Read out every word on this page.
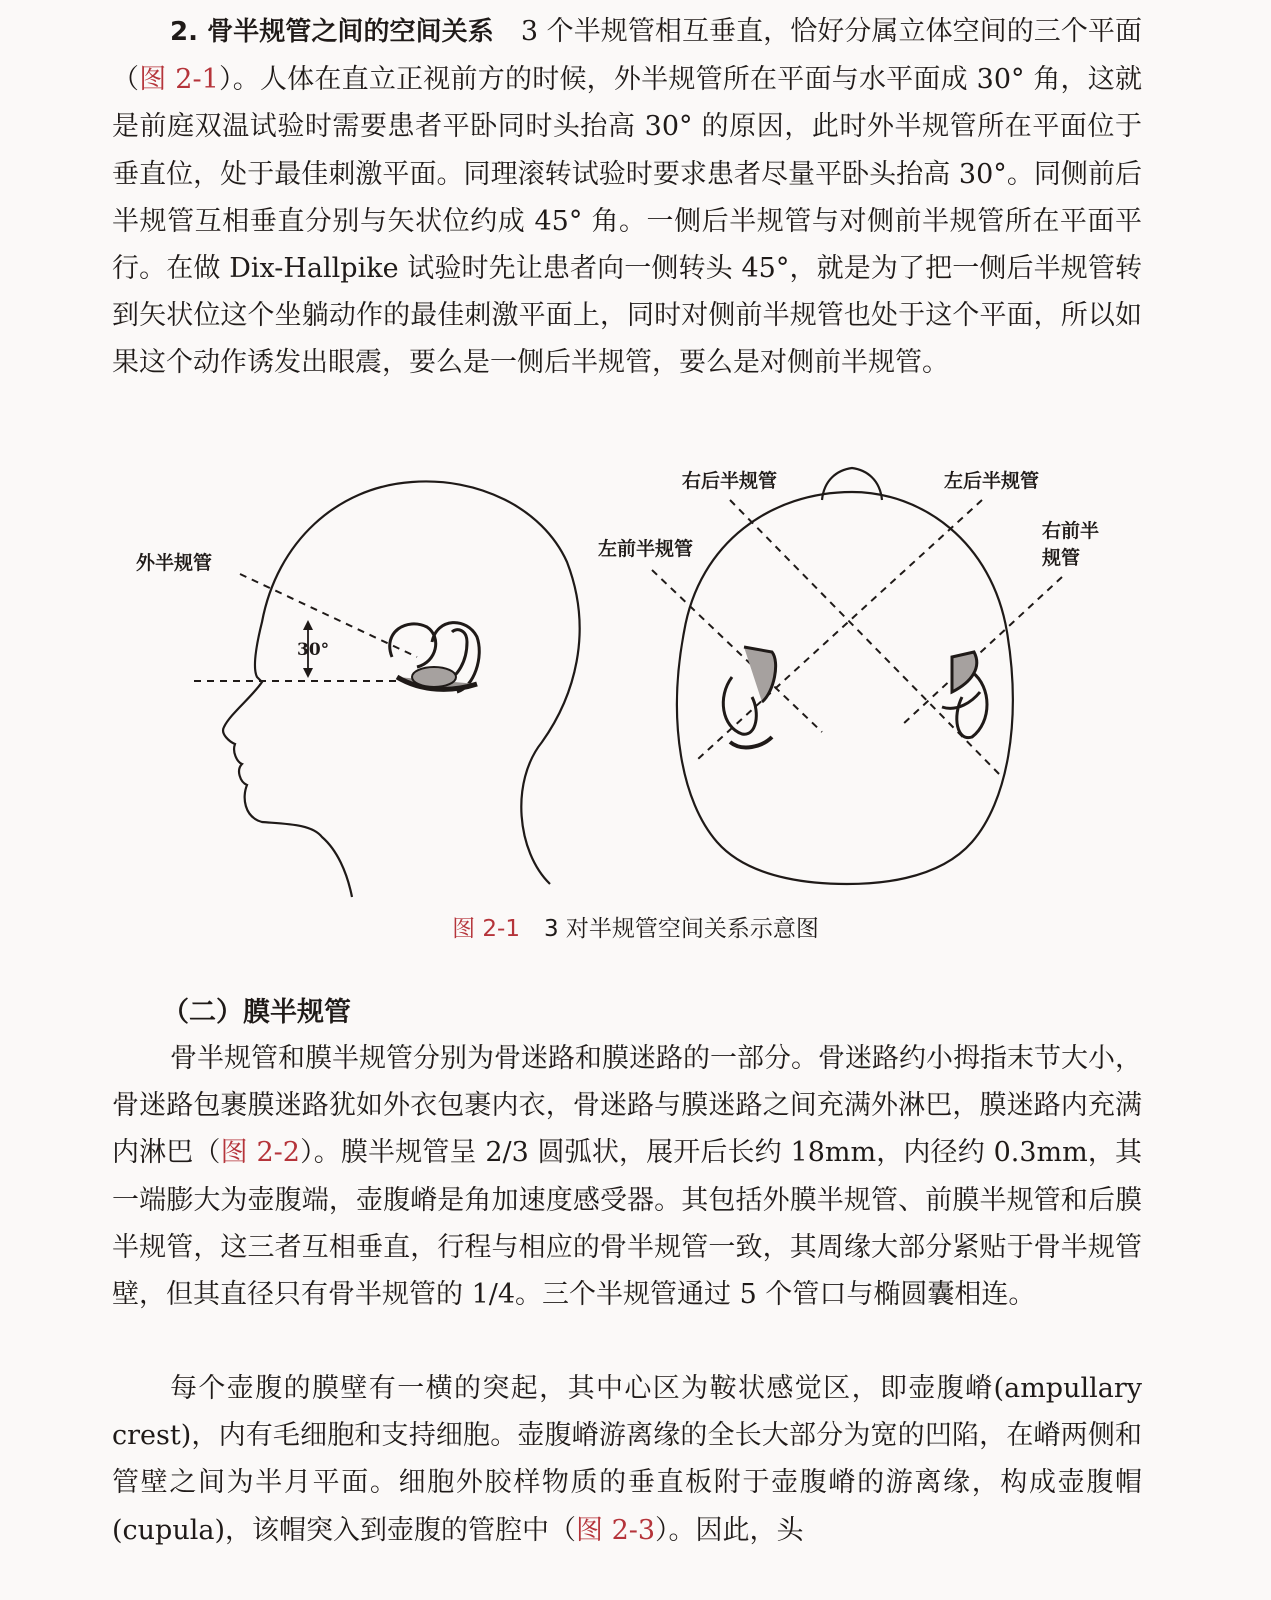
2. 骨半规管之间的空间关系　 3 个半规管相互垂直，恰好分属立体空间的三个平面（图 2-1）。人体在直立正视前方的时候，外半规管所在平面与水平面成 30° 角，这就是前庭双温试验时需要患者平卧同时头抬高 30° 的原因，此时外半规管所在平面位于垂直位，处于最佳刺激平面。同理滚转试验时要求患者尽量平卧头抬高 30°。同侧前后半规管互相垂直分别与矢状位约成 45° 角。一侧后半规管与对侧前半规管所在平面平行。在做 Dix-Hallpike 试验时先让患者向一侧转头 45°，就是为了把一侧后半规管转到矢状位这个坐躺动作的最佳刺激平面上，同时对侧前半规管也处于这个平面，所以如果这个动作诱发出眼震，要么是一侧后半规管，要么是对侧前半规管。

外半规管
30°
右后半规管	左后半规管
左前半规管
右前半
规管
图 2-1 3 对半规管空间关系示意图
（二）膜半规管

骨半规管和膜半规管分别为骨迷路和膜迷路的一部分。骨迷路约小拇指末节大小，骨迷路包裹膜迷路犹如外衣包裹内衣，骨迷路与膜迷路之间充满外淋巴，膜迷路内充满内淋巴（图 2-2）。膜半规管呈 2/3 圆弧状，展开后长约 18mm，内径约 0.3mm，其一端膨大为壶腹端，壶腹嵴是角加速度感受器。其包括外膜半规管、前膜半规管和后膜半规管，这三者互相垂直，行程与相应的骨半规管一致，其周缘大部分紧贴于骨半规管壁，但其直径只有骨半规管的 1/4。三个半规管通过 5 个管口与椭圆囊相连。

每个壶腹的膜壁有一横的突起，其中心区为鞍状感觉区，即壶腹嵴(ampullary crest)，内有毛细胞和支持细胞。壶腹嵴游离缘的全长大部分为宽的凹陷，在嵴两侧和管壁之间为半月平面。细胞外胶样物质的垂直板附于壶腹嵴的游离缘，构成壶腹帽(cupula)，该帽突入到壶腹的管腔中（图 2-3）。因此，头
